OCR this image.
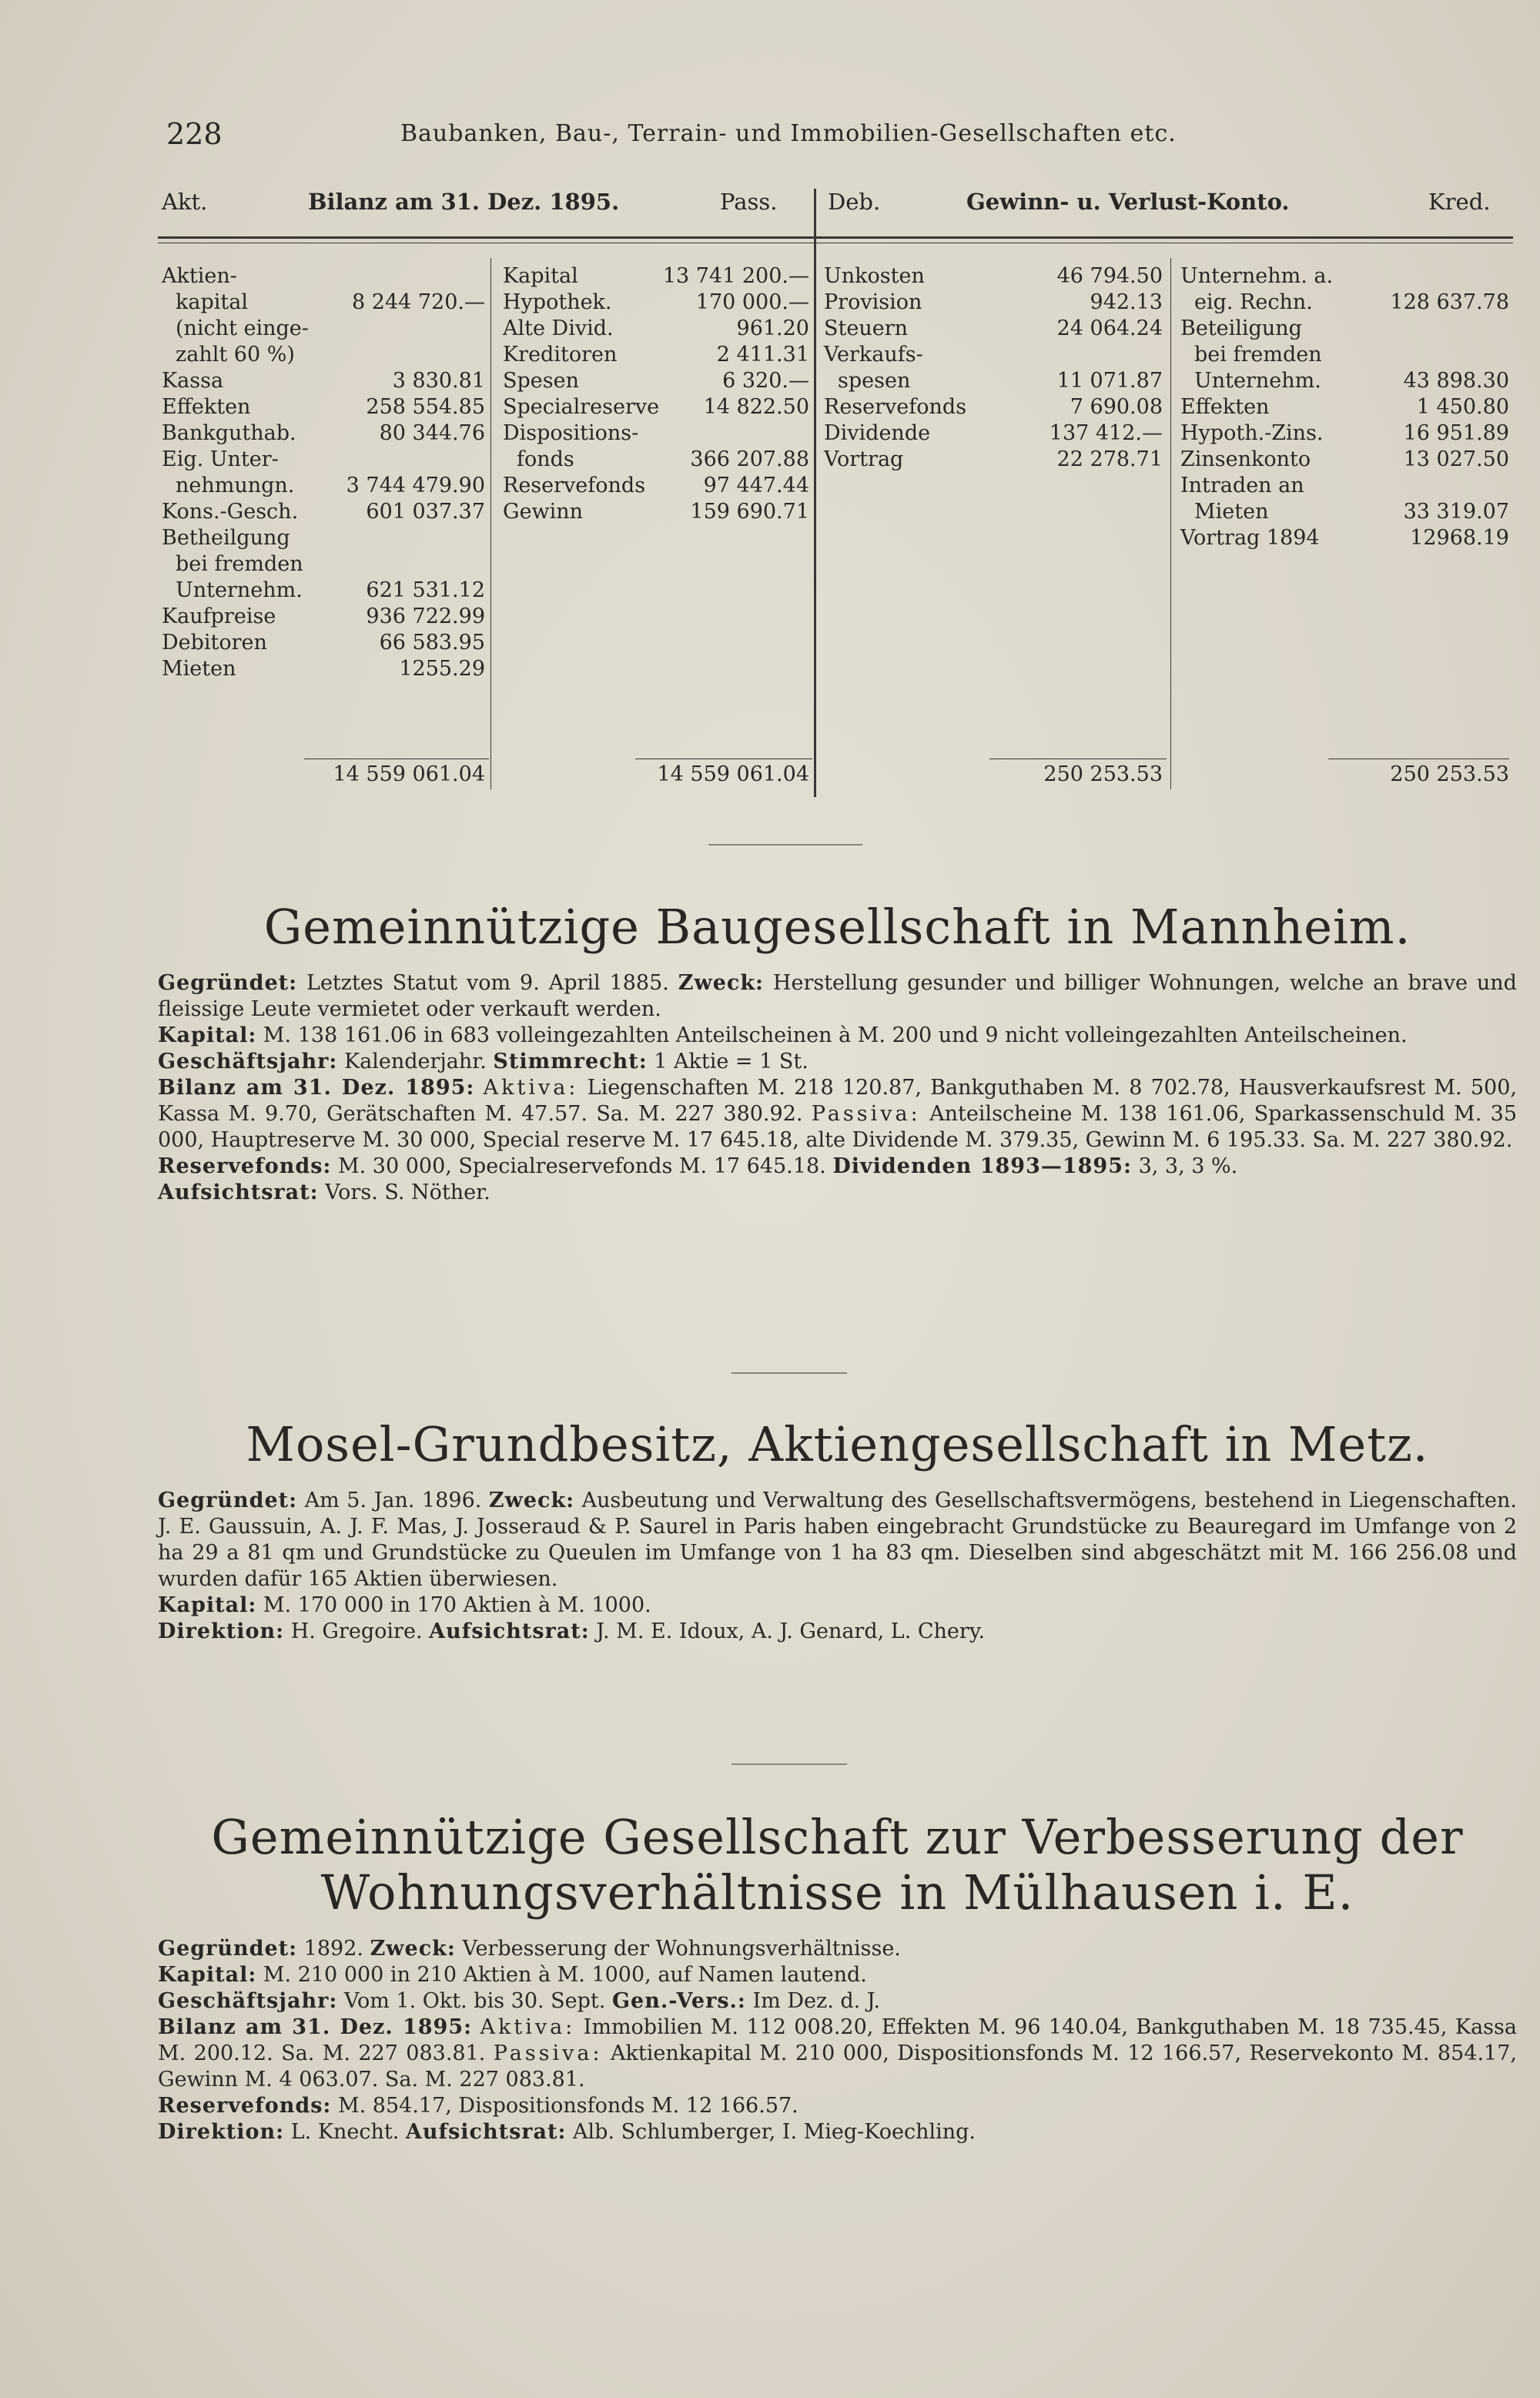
228	Baubanken, Bau-, Terrain- und Immobilien-Gesellschaften etc.
Akt.	Bilanz am 31. Dez. 1895.	Pass. Deb.	Gewinn- u. Verlust-Konto.	Kred.
Aktien-
kapital	8 244 720.—
(nicht einge-
zahlt 60 %)
Kassa	3 830.81
Effekten	258 554.85
Bankguthab.	80 344.76
Eig. Unter-
nehmungn. 3 744 479.90
Kons.-Gesch.	601 037.37
Betheilgung
bei fremden
Unternehm.	621 531.12
Kaufpreise	936 722.99
Debitoren	66 583.95
Mieten	1255.29
Kapital	13 741 200.—
Hypothek.	170 000.—
Alte Divid.	961.20
Kreditoren	2 411.31
Spesen	6 320.—
Specialreserve 14 822.50
Dispositions-
fonds	366 207.88
Reservefonds	97 447.44
Gewinn	159 690.71
Unkosten	46 794.50
Provision	942.13
Steuern	24 064.24
Verkaufs-
spesen	11 071.87
Reservefonds	7 690.08
Dividende	137 412.—
Vortrag	22 278.71
Unternehm. a.
eig. Rechn.	128 637.78
Beteiligung
bei fremden
Unternehm.	43 898.30
Effekten	1 450.80
Hypoth.-Zins.	16 951.89
Zinsenkonto	13 027.50
Intraden an
Mieten	33 319.07
Vortrag 1894	12968.19
14 559 061.04	14 559 061.04	250 253.53	250 253.53
Gemeinnützige Baugesellschaft in Mannheim.

Gegründet: Letztes Statut vom 9. April 1885. Zweck: Herstellung gesunder und billiger Wohnungen, welche an brave und fleissige Leute vermietet oder verkauft werden.

Kapital: M. 138 161.06 in 683 volleingezahlten Anteilscheinen à M. 200 und 9 nicht volleingezahlten Anteilscheinen.

Geschäftsjahr: Kalenderjahr. Stimmrecht: 1 Aktie = 1 St.

Bilanz am 31. Dez. 1895: Aktiva: Liegenschaften M. 218 120.87, Bankguthaben M. 8 702.78, Hausverkaufsrest M. 500, Kassa M. 9.70, Gerätschaften M. 47.57. Sa. M. 227 380.92. Passiva: Anteilscheine M. 138 161.06, Sparkassenschuld M. 35 000, Hauptreserve M. 30 000, Special reserve M. 17 645.18, alte Dividende M. 379.35, Gewinn M. 6 195.33. Sa. M. 227 380.92.

Reservefonds: M. 30 000, Specialreservefonds M. 17 645.18. Dividenden 1893—1895: 3, 3, 3 %.

Aufsichtsrat: Vors. S. Nöther.

Mosel-Grundbesitz, Aktiengesellschaft in Metz.

Gegründet: Am 5. Jan. 1896. Zweck: Ausbeutung und Verwaltung des Gesellschaftsvermögens, bestehend in Liegenschaften. J. E. Gaussuin, A. J. F. Mas, J. Josseraud & P. Saurel in Paris haben eingebracht Grundstücke zu Beauregard im Umfange von 2 ha 29 a 81 qm und Grundstücke zu Queulen im Umfange von 1 ha 83 qm. Dieselben sind abgeschätzt mit M. 166 256.08 und wurden dafür 165 Aktien überwiesen.

Kapital: M. 170 000 in 170 Aktien à M. 1000.

Direktion: H. Gregoire. Aufsichtsrat: J. M. E. Idoux, A. J. Genard, L. Chery.

Gemeinnützige Gesellschaft zur Verbesserung der
Wohnungsverhältnisse in Mülhausen i. E.

Gegründet: 1892. Zweck: Verbesserung der Wohnungsverhältnisse.

Kapital: M. 210 000 in 210 Aktien à M. 1000, auf Namen lautend.

Geschäftsjahr: Vom 1. Okt. bis 30. Sept. Gen.-Vers.: Im Dez. d. J.

Bilanz am 31. Dez. 1895: Aktiva: Immobilien M. 112 008.20, Effekten M. 96 140.04, Bankguthaben M. 18 735.45, Kassa M. 200.12. Sa. M. 227 083.81. Passiva: Aktienkapital M. 210 000, Dispositionsfonds M. 12 166.57, Reservekonto M. 854.17, Gewinn M. 4 063.07. Sa. M. 227 083.81.

Reservefonds: M. 854.17, Dispositionsfonds M. 12 166.57.

Direktion: L. Knecht. Aufsichtsrat: Alb. Schlumberger, I. Mieg-Koechling.
